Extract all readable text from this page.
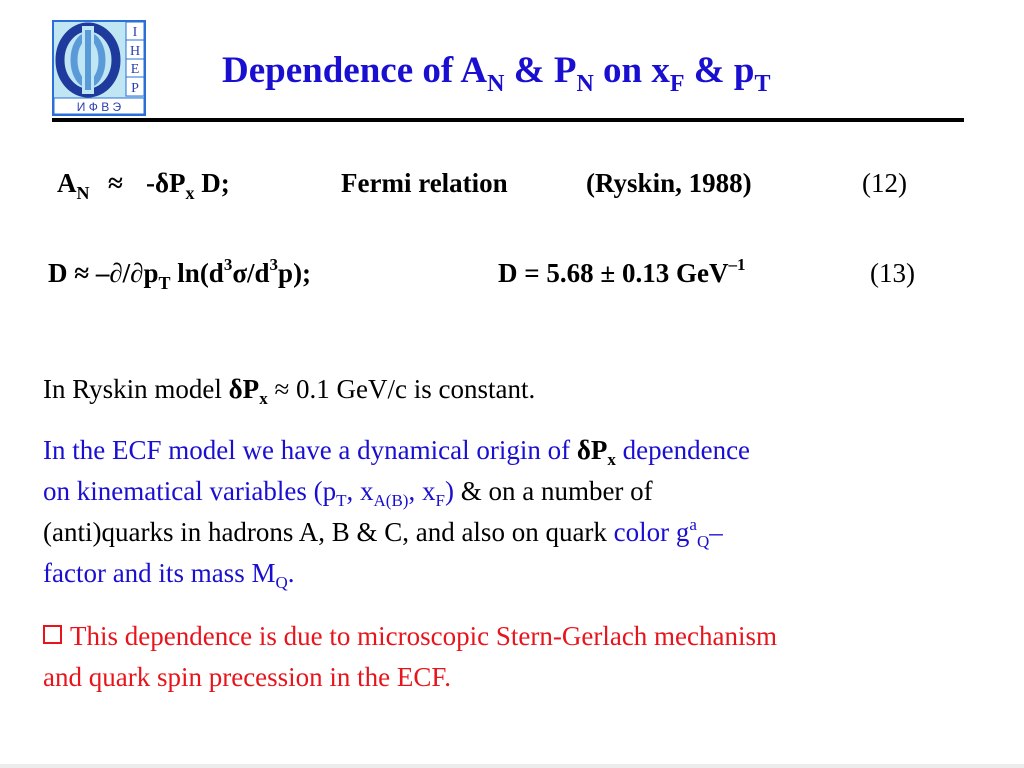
I
H
E
P
И Ф В Э
Dependence of $A_N$ & $P_N$ on $x_F$ & $p_T$
$A_N \approx -\delta P_x$ D;	Fermi relation	(Ryskin, 1988)	(12)
$D \approx -\partial/\partial p_T$ $\ln(d^3\sigma/d^3p)$;	D = 5.68 ± 0.13 GeV$^{-1}$	(13)
In Ryskin model $\delta P_x \approx 0.1$ GeV/c is constant.
In the ECF model we have a dynamical origin of $\delta P_x$ dependence
on kinematical variables ($p_T$, $x_{A(B)}$, $x_F$) & on a number of
(anti)quarks in hadrons A, B & C, and also on quark color $g^a_Q-$
factor and its mass $M_Q$.
This dependence is due to microscopic Stern-Gerlach mechanism
and quark spin precession in the ECF.
